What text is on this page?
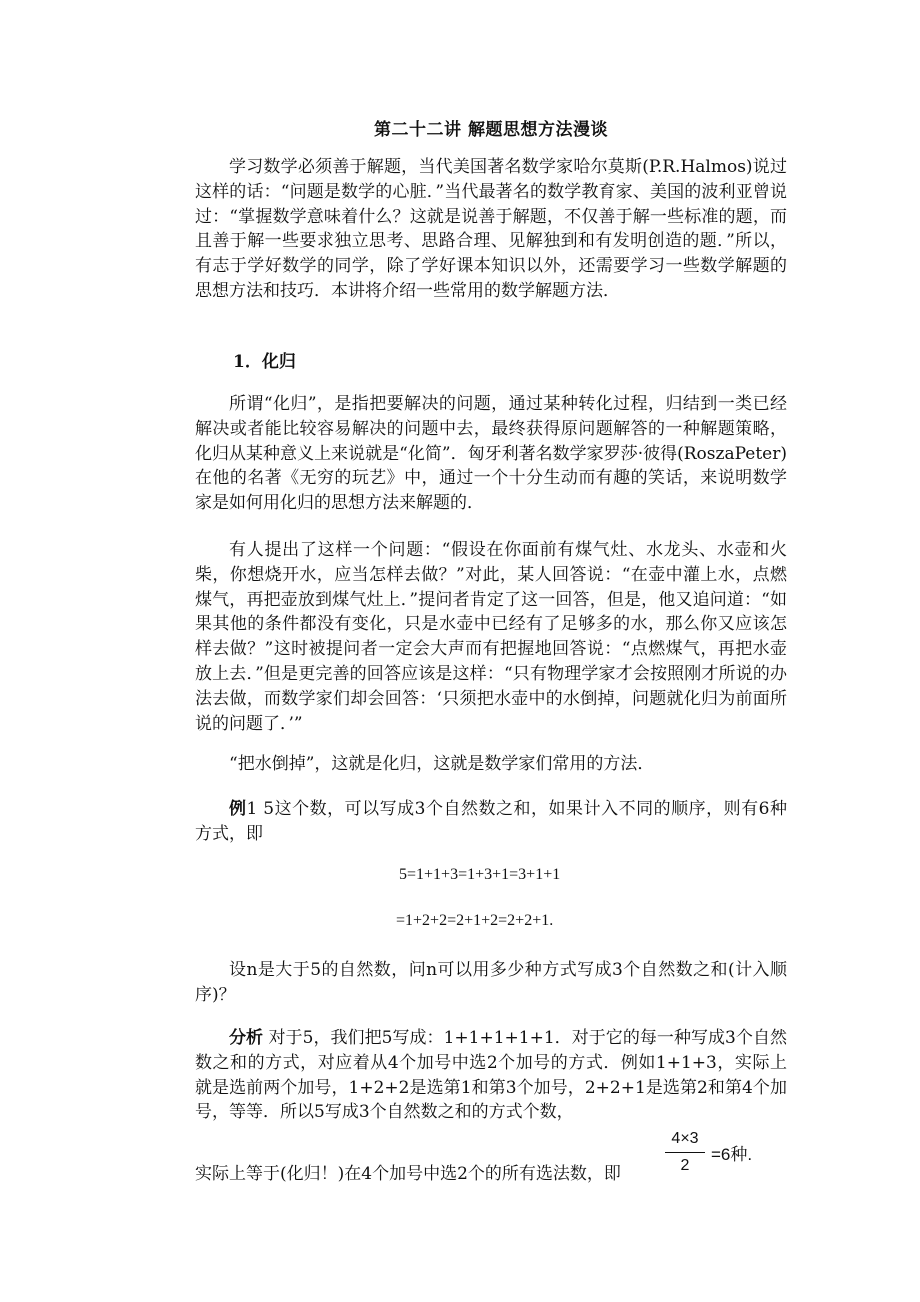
第二十二讲 解题思想方法漫谈

学习数学必须善于解题，当代美国著名数学家哈尔莫斯(P.R.Halmos)说过这样的话：“问题是数学的心脏．”当代最著名的数学教育家、美国的波利亚曾说过：“掌握数学意味着什么？这就是说善于解题，不仅善于解一些标准的题，而且善于解一些要求独立思考、思路合理、见解独到和有发明创造的题．”所以，有志于学好数学的同学，除了学好课本知识以外，还需要学习一些数学解题的思想方法和技巧．本讲将介绍一些常用的数学解题方法．

1．化归

所谓“化归”，是指把要解决的问题，通过某种转化过程，归结到一类已经解决或者能比较容易解决的问题中去，最终获得原问题解答的一种解题策略，化归从某种意义上来说就是“化简”．匈牙利著名数学家罗莎·彼得(RoszaPeter)在他的名著《无穷的玩艺》中，通过一个十分生动而有趣的笑话，来说明数学家是如何用化归的思想方法来解题的．

有人提出了这样一个问题：“假设在你面前有煤气灶、水龙头、水壶和火柴，你想烧开水，应当怎样去做？”对此，某人回答说：“在壶中灌上水，点燃煤气，再把壶放到煤气灶上．”提问者肯定了这一回答，但是，他又追问道：“如果其他的条件都没有变化，只是水壶中已经有了足够多的水，那么你又应该怎样去做？”这时被提问者一定会大声而有把握地回答说：“点燃煤气，再把水壶放上去．”但是更完善的回答应该是这样：“只有物理学家才会按照刚才所说的办法去做，而数学家们却会回答：‘只须把水壶中的水倒掉，问题就化归为前面所说的问题了．’”

“把水倒掉”，这就是化归，这就是数学家们常用的方法．

例1 5这个数，可以写成3个自然数之和，如果计入不同的顺序，则有6种方式，即

5=1+1+3=1+3+1=3+1+1
=1+2+2=2+1+2=2+2+1.

设n是大于5的自然数，问n可以用多少种方式写成3个自然数之和(计入顺序)？

分析 对于5，我们把5写成：1+1+1+1+1．对于它的每一种写成3个自然数之和的方式，对应着从4个加号中选2个加号的方式．例如1+1+3，实际上就是选前两个加号，1+2+2是选第1和第3个加号，2+2+1是选第2和第4个加号，等等．所以5写成3个自然数之和的方式个数，

实际上等于(化归！)在4个加号中选2个的所有选法数，即

4×3
2
=6种.
